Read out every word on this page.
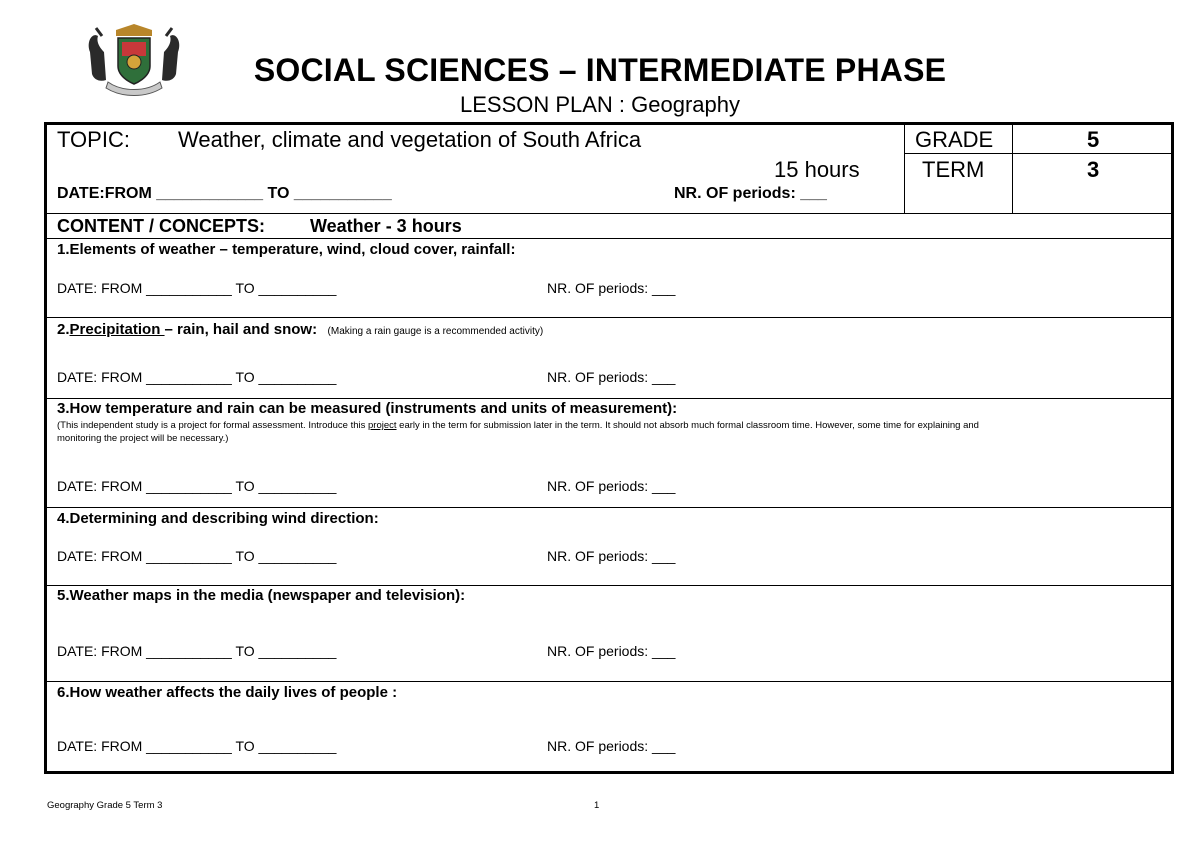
SOCIAL SCIENCES – INTERMEDIATE PHASE
LESSON PLAN : Geography
TOPIC: Weather, climate and vegetation of South Africa
15 hours
DATE:FROM ____________ TO ___________	NR. OF periods: ___
GRADE	5
TERM	3
CONTENT / CONCEPTS: Weather - 3 hours
1.Elements of weather – temperature, wind, cloud cover, rainfall:
DATE: FROM ___________ TO __________	NR. OF periods: ___
2.Precipitation – rain, hail and snow: (Making a rain gauge is a recommended activity)
DATE: FROM ___________ TO __________	NR. OF periods: ___
3.How temperature and rain can be measured (instruments and units of measurement):
(This independent study is a project for formal assessment. Introduce this project early in the term for submission later in the term. It should not absorb much formal classroom time. However, some time for explaining and
monitoring the project will be necessary.)
DATE: FROM ___________ TO __________	NR. OF periods: ___
4.Determining and describing wind direction:
DATE: FROM ___________ TO __________	NR. OF periods: ___
5.Weather maps in the media (newspaper and television):
DATE: FROM ___________ TO __________	NR. OF periods: ___
6.How weather affects the daily lives of people :
DATE: FROM ___________ TO __________	NR. OF periods: ___
Geography Grade 5 Term 3	1
